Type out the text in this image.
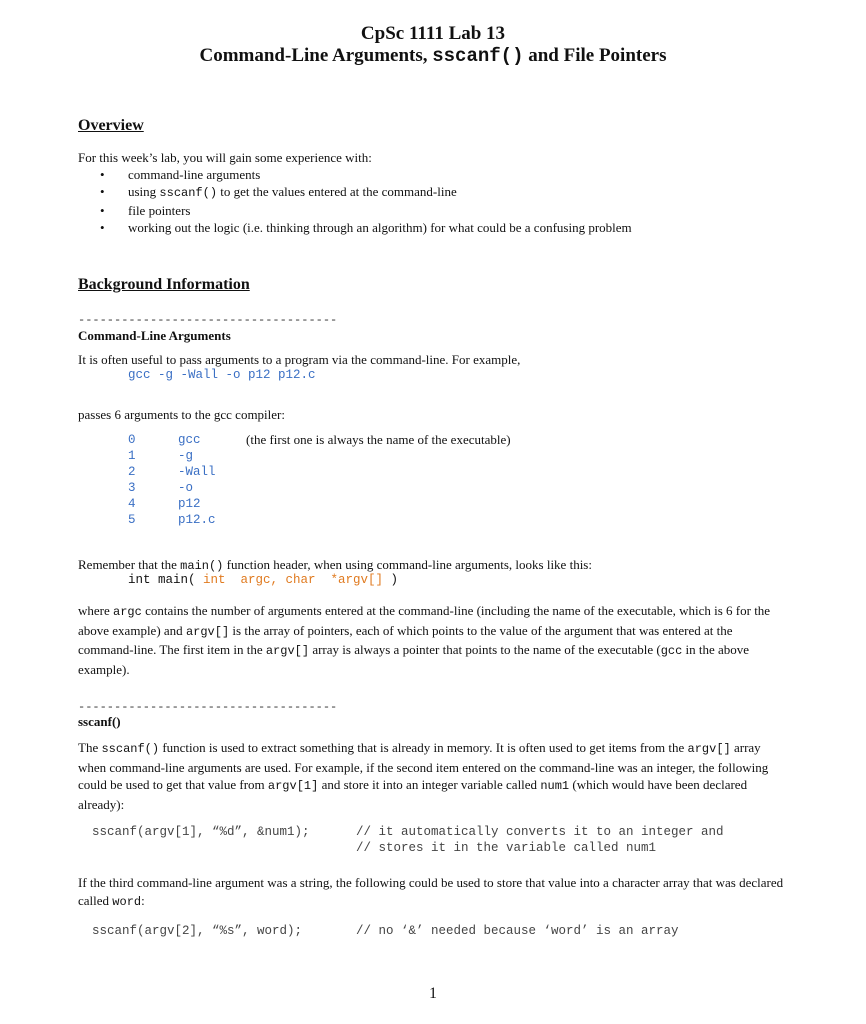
CpSc 1111 Lab 13
Command-Line Arguments, sscanf() and File Pointers
Overview
For this week’s lab, you will gain some experience with:
• command-line arguments
• using sscanf() to get the values entered at the command-line
• file pointers
• working out the logic (i.e. thinking through an algorithm) for what could be a confusing problem
Background Information
------------------------------------
Command-Line Arguments
It is often useful to pass arguments to a program via the command-line. For example,
gcc -g -Wall -o p12 p12.c
passes 6 arguments to the gcc compiler:
0
1
2
3
4
5
gcc
-g
-Wall
-o
p12
p12.c
(the first one is always the name of the executable)
Remember that the main() function header, when using command-line arguments, looks like this:
int main( int  argc, char  *argv[] )
where argc contains the number of arguments entered at the command-line (including the name of the executable, which is 6 for the above example) and argv[] is the array of pointers, each of which points to the value of the argument that was entered at the command-line. The first item in the argv[] array is always a pointer that points to the name of the executable (gcc in the above example).
------------------------------------
sscanf()
The sscanf() function is used to extract something that is already in memory. It is often used to get items from the argv[] array when command-line arguments are used. For example, if the second item entered on the command-line was an integer, the following could be used to get that value from argv[1] and store it into an integer variable called num1 (which would have been declared already):
sscanf(argv[1], “%d”, &num1);	// it automatically converts it to an integer and
// stores it in the variable called num1
If the third command-line argument was a string, the following could be used to store that value into a character array that was declared called word:
sscanf(argv[2], “%s”, word);	// no ‘&’ needed because ‘word’ is an array
1
